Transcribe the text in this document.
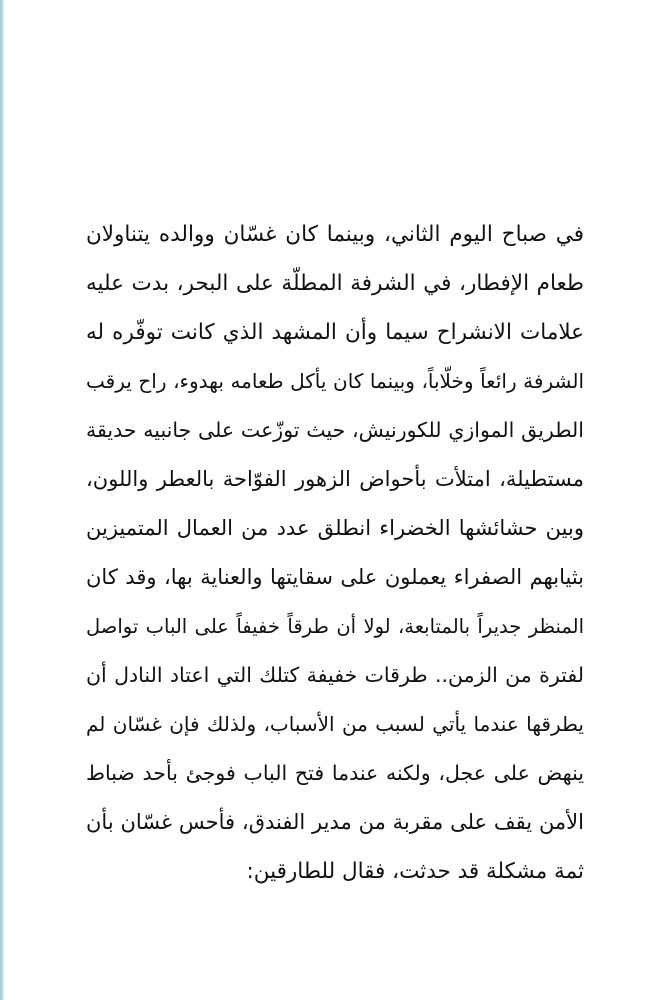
في صباح اليوم الثاني، وبينما كان غسّان ووالده يتناولان
طعام الإفطار، في الشرفة المطلّة على البحر، بدت عليه
علامات الانشراح سيما وأن المشهد الذي كانت توفّره له
الشرفة رائعاً وخلّاباً، وبينما كان يأكل طعامه بهدوء، راح يرقب
الطريق الموازي للكورنيش، حيث توزّعت على جانبيه حديقة
مستطيلة، امتلأت بأحواض الزهور الفوّاحة بالعطر واللون،
وبين حشائشها الخضراء انطلق عدد من العمال المتميزين
بثيابهم الصفراء يعملون على سقايتها والعناية بها، وقد كان
المنظر جديراً بالمتابعة، لولا أن طرقاً خفيفاً على الباب تواصل
لفترة من الزمن.. طرقات خفيفة كتلك التي اعتاد النادل أن
يطرقها عندما يأتي لسبب من الأسباب، ولذلك فإن غسّان لم
ينهض على عجل، ولكنه عندما فتح الباب فوجئ بأحد ضباط
الأمن يقف على مقربة من مدير الفندق، فأحس غسّان بأن
ثمة مشكلة قد حدثت، فقال للطارقين:
